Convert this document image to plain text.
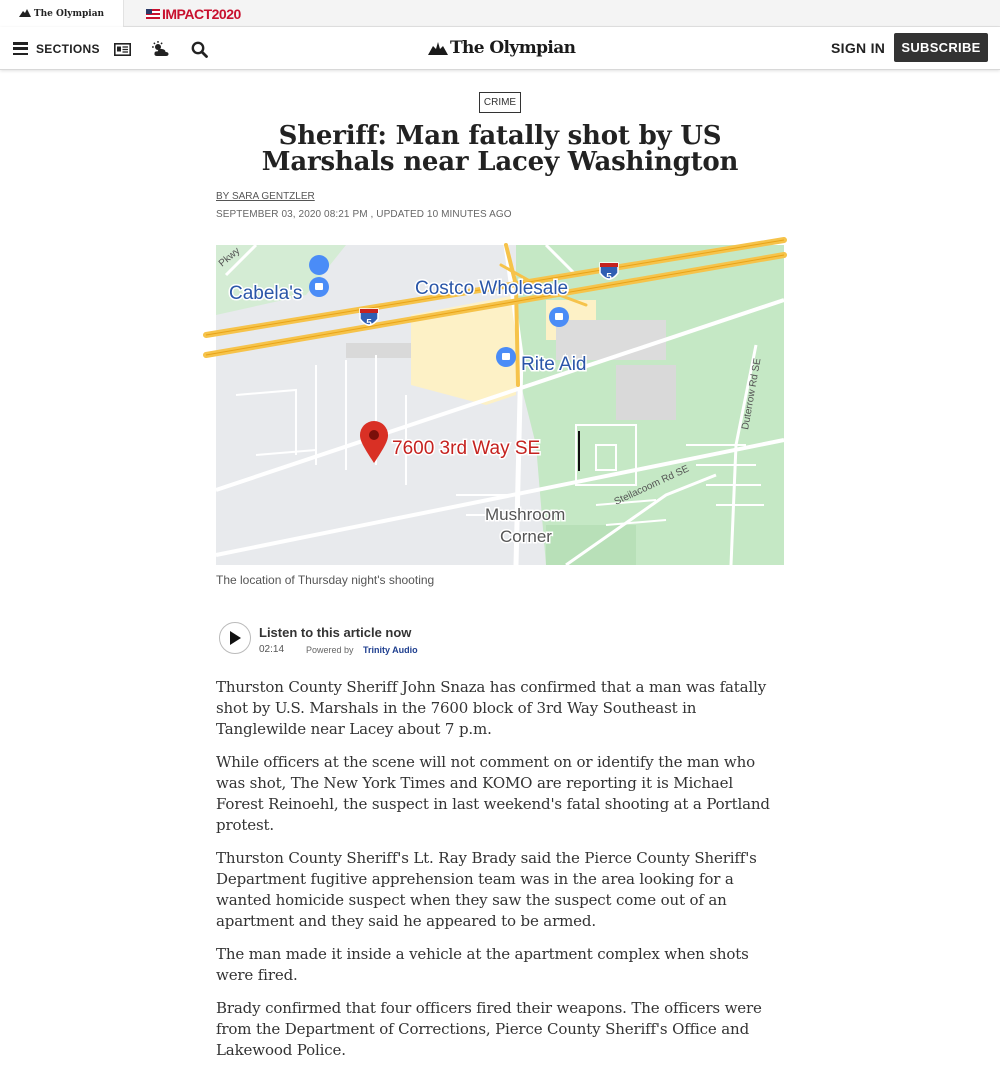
The Olympian	IMPACT2020
SECTIONS	The Olympian	SIGN IN	SUBSCRIBE
CRIME
Sheriff: Man fatally shot by US Marshals near Lacey Washington
BY SARA GENTZLER
SEPTEMBER 03, 2020 08:21 PM , UPDATED 10 MINUTES AGO
5
5
Pkwy
Cabela's	Costco Wholesale
Rite Aid
Mushroom
Corner
Duterrow Rd SE
Steilacoom Rd SE
7600 3rd Way SE
The location of Thursday night's shooting
Listen to this article now
02:14 Powered by Trinity Audio

Thurston County Sheriff John Snaza has confirmed that a man was fatally shot by U.S. Marshals in the 7600 block of 3rd Way Southeast in Tanglewilde near Lacey about 7 p.m.

While officers at the scene will not comment on or identify the man who was shot, The New York Times and KOMO are reporting it is Michael Forest Reinoehl, the suspect in last weekend's fatal shooting at a Portland protest.

Thurston County Sheriff's Lt. Ray Brady said the Pierce County Sheriff's Department fugitive apprehension team was in the area looking for a wanted homicide suspect when they saw the suspect come out of an apartment and they said he appeared to be armed.

The man made it inside a vehicle at the apartment complex when shots were fired.

Brady confirmed that four officers fired their weapons. The officers were from the Department of Corrections, Pierce County Sheriff's Office and Lakewood Police.
